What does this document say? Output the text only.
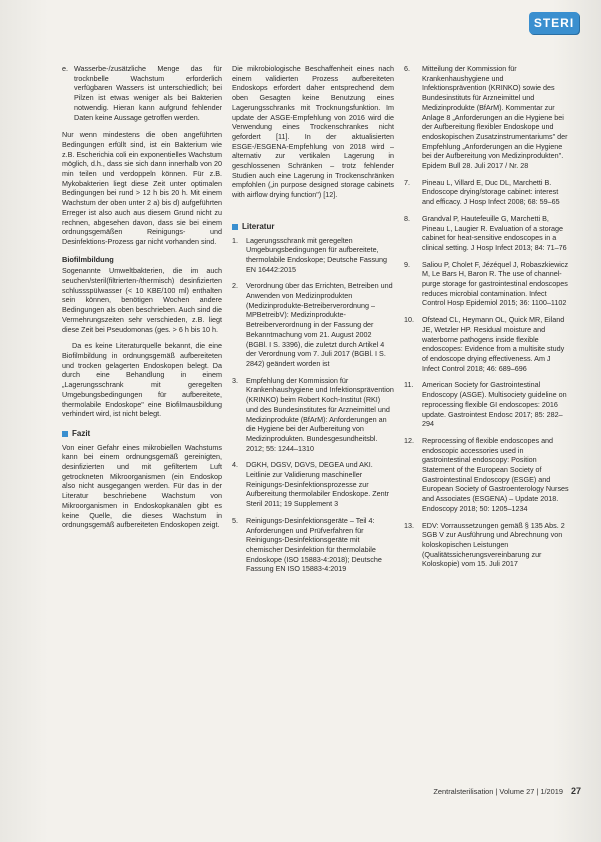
STERI
e. Wasserbe-/zusätzliche Menge das für trocknbelle Wachstum erforderlich verfügbaren Wassers ist unterschiedlich; bei Pilzen ist etwas weniger als bei Bakterien notwendig. Hieran kann aufgrund fehlender Daten keine Aussage getroffen werden.

Nur wenn mindestens die oben angeführten Bedingungen erfüllt sind, ist ein Bakterium wie z.B. Escherichia coli ein exponentielles Wachstum möglich, d.h., dass sie sich dann innerhalb von 20 min teilen und verdoppeln können. Für z.B. Mykobakterien liegt diese Zeit unter optimalen Bedingungen bei rund > 12 h bis 20 h. Mit einem Wachstum der oben unter 2 a) bis d) aufgeführten Erreger ist also auch aus diesem Grund nicht zu rechnen, abgesehen davon, dass sie bei einem ordnungsgemäßen Reinigungs- und Desinfektions-Prozess gar nicht vorhanden sind.

Biofilmbildung

Sogenannte Umweltbakterien, die im auch seuchen/steril(filtrierten-/thermisch) desinfizierten schlussspülwasser (< 10 KBE/100 ml) enthalten sein können, benötigen Wochen andere Bedingungen als oben beschrieben. Auch sind die Vermehrungszeiten sehr verschieden, z.B. liegt diese Zeit bei Pseudomonas (ges. > 6 h bis 10 h.

Da es keine Literaturquelle bekannt, die eine Biofilmbildung in ordnungsgemäß aufbereiteten und trocken gelagerten Endoskopen belegt. Da durch eine Behandlung in einem „Lagerungsschrank mit geregelten Umgebungsbedingungen für aufbereitete, thermolabile Endoskope" eine Biofilmausbildung verhindert wird, ist nicht belegt.

Fazit

Von einer Gefahr eines mikrobiellen Wachstums kann bei einem ordnungsgemäß gereinigten, desinfizierten und mit gefiltertem Luft getrockneten Mikroorganismen (ein Endoskop also nicht ausgegangen werden. Für das in der Literatur beschriebene Wachstum von Mikroorganismen in Endoskopkanälen gibt es keine Quelle, die dieses Wachstum in ordnungsgemäß aufbereiteten Endoskopen zeigt.

Die mikrobiologische Beschaffenheit eines nach einem validierten Prozess aufbereiteten Endoskops erfordert daher entsprechend dem oben Gesagten keine Benutzung eines Lagerungsschranks mit Trocknungsfunktion. Im update der ASGE-Empfehlung von 2016 wird die Verwendung eines Trockenschrankes nicht gefordert [11]. In der aktualisierten ESGE-/ESGENA-Empfehlung von 2018 wird – alternativ zur vertikalen Lagerung in geschlossenen Schränken – trotz fehlender Studien auch eine Lagerung in Trockenschränken empfohlen („in purpose designed storage cabinets with airflow drying function") [12].

Literatur
1.	Lagerungsschrank mit geregelten Umgebungsbedingungen für aufbereitete, thermolabile Endoskope; Deutsche Fassung EN 16442:2015
2.	Verordnung über das Errichten, Betreiben und Anwenden von Medizinprodukten (Medizinprodukte-Betreiberverordnung – MPBetreibV): Medizinprodukte-Betreiberverordnung in der Fassung der Bekanntmachung vom 21. August 2002 (BGBl. I S. 3396), die zuletzt durch Artikel 4 der Verordnung vom 7. Juli 2017 (BGBl. I S. 2842) geändert worden ist
3.	Empfehlung der Kommission für Krankenhaushygiene und Infektionsprävention (KRINKO) beim Robert Koch-Institut (RKI) und des Bundesinstitutes für Arzneimittel und Medizinprodukte (BfArM): Anforderungen an die Hygiene bei der Aufbereitung von Medizinprodukten. Bundesgesundheitsbl. 2012; 55: 1244–1310
4.	DGKH, DGSV, DGVS, DEGEA und AKI. Leitlinie zur Validierung maschineller Reinigungs-Desinfektionsprozesse zur Aufbereitung thermolabiler Endoskope. Zentr Steril 2011; 19 Supplement 3
5.	Reinigungs-Desinfektionsgeräte – Teil 4: Anforderungen und Prüfverfahren für Reinigungs-Desinfektionsgeräte mit chemischer Desinfektion für thermolabile Endoskope (ISO 15883-4:2018); Deutsche Fassung EN ISO 15883-4:2019
6.	Mitteilung der Kommission für Krankenhaushygiene und Infektionsprävention (KRINKO) sowie des Bundesinstituts für Arzneimittel und Medizinprodukte (BfArM). Kommentar zur Anlage 8 „Anforderungen an die Hygiene bei der Aufbereitung flexibler Endoskope und endoskopischen Zusatzinstrumentariums" der Empfehlung „Anforderungen an die Hygiene bei der Aufbereitung von Medizinprodukten". Epidem Bull 28. Juli 2017 / Nr. 28
7.	Pineau L, Villard E, Duc DL, Marchetti B. Endoscope drying/storage cabinet: interest and efficacy. J Hosp Infect 2008; 68: 59–65
8.	Grandval P, Hautefeuille G, Marchetti B, Pineau L, Laugier R. Evaluation of a storage cabinet for heat-sensitive endoscopes in a clinical setting. J Hosp Infect 2013; 84: 71–76
9.	Saliou P, Cholet F, Jézéquel J, Robaszkiewicz M, Le Bars H, Baron R. The use of channel-purge storage for gastrointestinal endoscopes reduces microbial contamination. Infect Control Hosp Epidemiol 2015; 36: 1100–1102
10.	Ofstead CL, Heymann OL, Quick MR, Eiland JE, Wetzler HP. Residual moisture and waterborne pathogens inside flexible endoscopes: Evidence from a multisite study of endoscope drying effectiveness. Am J Infect Control 2018; 46: 689–696
11.	American Society for Gastrointestinal Endoscopy (ASGE). Multisociety guideline on reprocessing flexible GI endoscopes: 2016 update. Gastrointest Endosc 2017; 85: 282–294
12.	Reprocessing of flexible endoscopes and endoscopic accessories used in gastrointestinal endoscopy: Position Statement of the European Society of Gastrointestinal Endoscopy (ESGE) and European Society of Gastroenterology Nurses and Associates (ESGENA) – Update 2018. Endoscopy 2018; 50: 1205–1234
13.	EDV: Vorraussetzungen gemäß § 135 Abs. 2 SGB V zur Ausführung und Abrechnung von koloskopischen Leistungen (Qualitätssicherungsvereinbarung zur Koloskopie) vom 15. Juli 2017
Zentralsterilisation | Volume 27 | 1/2019 27
